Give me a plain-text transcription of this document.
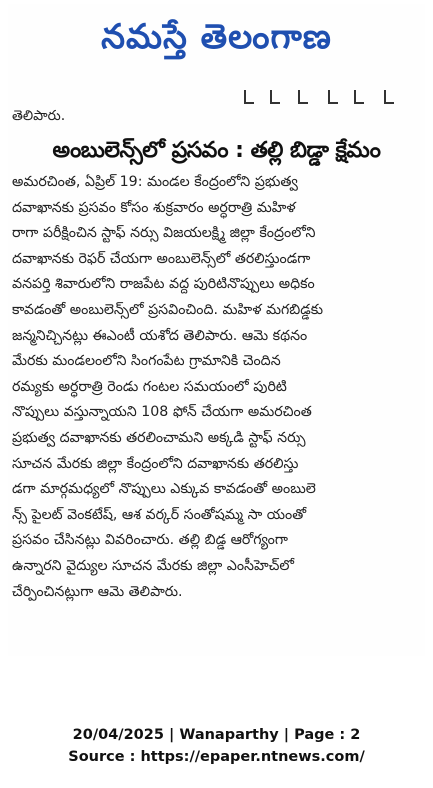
నమస్తే తెలంగాణ
తెలిపారు.
అంబులెన్స్‌లో ప్రసవం : తల్లి బిడ్డా క్షేమం
అమరచింత, ఏప్రిల్ 19: మండల కేంద్రంలోని ప్రభుత్వ
దవాఖానకు ప్రసవం కోసం శుక్రవారం అర్ధరాత్రి మహిళ
రాగా పరీక్షించిన స్టాఫ్ నర్సు విజయలక్ష్మి జిల్లా కేంద్రంలోని
దవాఖానకు రెఫర్ చేయగా అంబులెన్స్‌లో తరలిస్తుండగా
వనపర్తి శివారులోని రాజపేట వద్ద పురిటినొప్పులు అధికం
కావడంతో అంబులెన్స్‌లో ప్రసవించింది. మహిళ మగబిడ్డకు
జన్మనిచ్చినట్లు ఈఎంటీ యశోద తెలిపారు. ఆమె కథనం
మేరకు మండలంలోని సింగంపేట గ్రామానికి చెందిన
రమ్యకు అర్ధరాత్రి రెండు గంటల సమయంలో పురిటి
నొప్పులు వస్తున్నాయని 108 ఫోన్ చేయగా అమరచింత
ప్రభుత్వ దవాఖానకు తరలించామని అక్కడి స్టాఫ్ నర్సు
సూచన మేరకు జిల్లా కేంద్రంలోని దవాఖానకు తరలిస్తు
డగా మార్గమధ్యలో నొప్పులు ఎక్కువ కావడంతో అంబులె
న్స్ పైలట్ వెంకటేష్, ఆశ వర్కర్ సంతోషమ్మ సా యంతో
ప్రసవం చేసినట్లు వివరించారు. తల్లి బిడ్డ ఆరోగ్యంగా
ఉన్నారని వైద్యుల సూచన మేరకు జిల్లా ఎంసీహెచ్‌లో
చేర్పించినట్లుగా ఆమె తెలిపారు.
20/04/2025 | Wanaparthy | Page : 2
Source : https://epaper.ntnews.com/
